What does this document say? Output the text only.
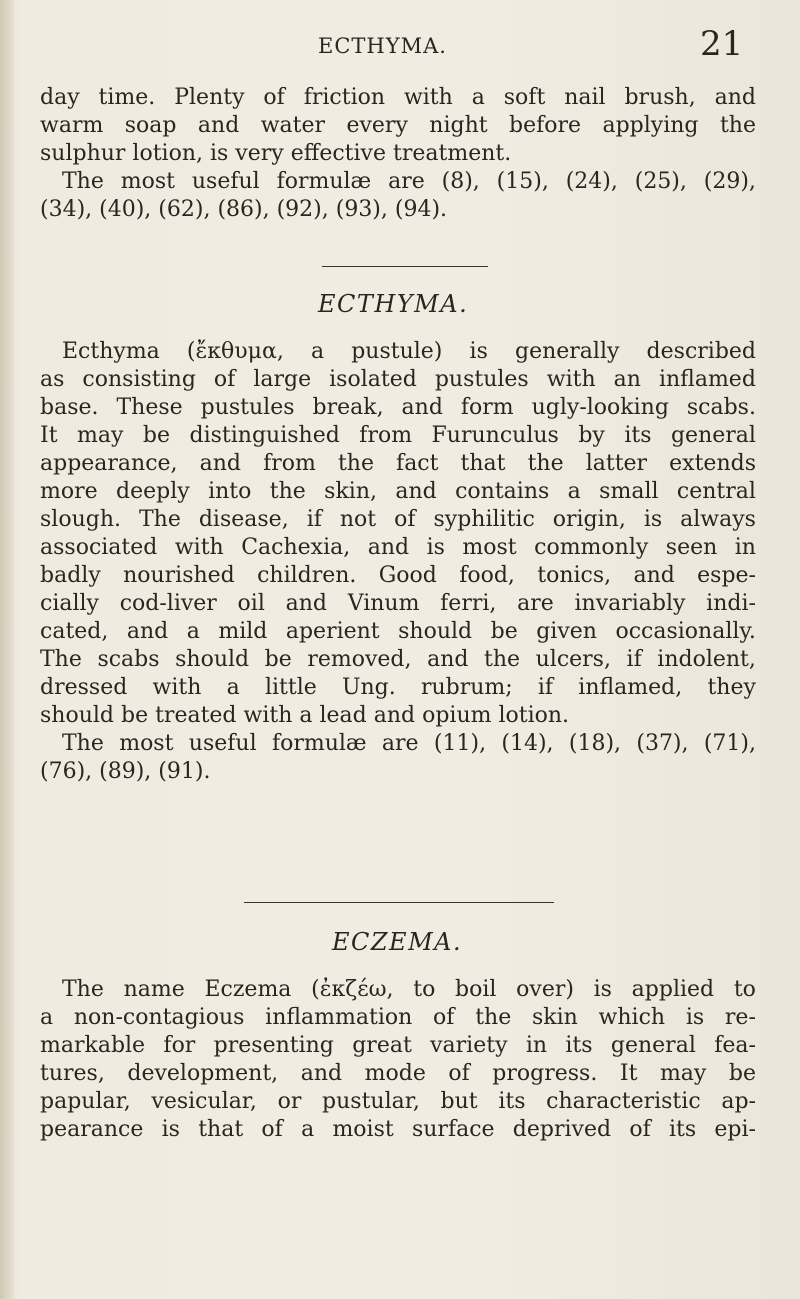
ECTHYMA.	21
day time. Plenty of friction with a soft nail brush, and
warm soap and water every night before applying the
sulphur lotion, is very effective treatment.
The most useful formulæ are (8), (15), (24), (25), (29),
(34), (40), (62), (86), (92), (93), (94).
ECTHYMA.
Ecthyma (ἔκθυμα, a pustule) is generally described
as consisting of large isolated pustules with an inflamed
base. These pustules break, and form ugly-looking scabs.
It may be distinguished from Furunculus by its general
appearance, and from the fact that the latter extends
more deeply into the skin, and contains a small central
slough. The disease, if not of syphilitic origin, is always
associated with Cachexia, and is most commonly seen in
badly nourished children. Good food, tonics, and espe-
cially cod-liver oil and Vinum ferri, are invariably indi-
cated, and a mild aperient should be given occasionally.
The scabs should be removed, and the ulcers, if indolent,
dressed with a little Ung. rubrum; if inflamed, they
should be treated with a lead and opium lotion.
The most useful formulæ are (11), (14), (18), (37), (71),
(76), (89), (91).
ECZEMA.
The name Eczema (ἐκζέω, to boil over) is applied to
a non-contagious inflammation of the skin which is re-
markable for presenting great variety in its general fea-
tures, development, and mode of progress. It may be
papular, vesicular, or pustular, but its characteristic ap-
pearance is that of a moist surface deprived of its epi-
